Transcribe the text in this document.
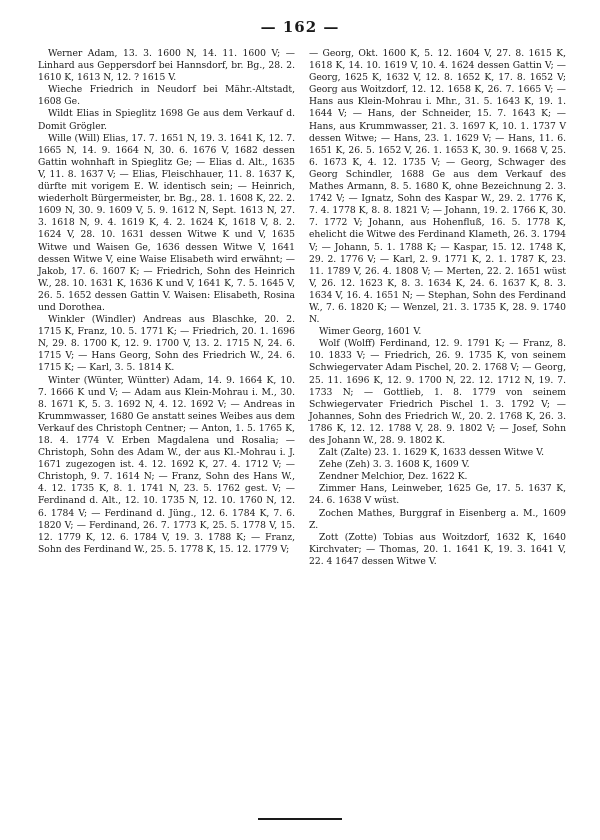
— 162 —

Werner Adam, 13. 3. 1600 N, 14. 11. 1600 V; — Linhard aus Geppersdorf bei Hannsdorf, br. Bg., 28. 2. 1610 K, 1613 N, 12. ? 1615 V.

Wieche Friedrich in Neudorf bei Mähr.-Altstadt, 1608 Ge.

Wildt Elias in Spieglitz 1698 Ge aus dem Verkauf d. Domit Grögler.

Wille (Will) Elias, 17. 7. 1651 N, 19. 3. 1641 K, 12. 7. 1665 N, 14. 9. 1664 N, 30. 6. 1676 V, 1682 dessen Gattin wohnhaft in Spieglitz Ge; — Elias d. Alt., 1635 V, 11. 8. 1637 V; — Elias, Fleischhauer, 11. 8. 1637 K, dürfte mit vorigem E. W. identisch sein; — Heinrich, wiederholt Bürgermeister, br. Bg., 28. 1. 1608 K, 22. 2. 1609 N, 30. 9. 1609 V, 5. 9. 1612 N, Sept. 1613 N, 27. 3. 1618 N, 9. 4. 1619 K, 4. 2. 1624 K, 1618 V, 8. 2. 1624 V, 28. 10. 1631 dessen Witwe K und V, 1635 Witwe und Waisen Ge, 1636 dessen Witwe V, 1641 dessen Witwe V, eine Waise Elisabeth wird erwähnt; — Jakob, 17. 6. 1607 K; — Friedrich, Sohn des Heinrich W., 28. 10. 1631 K, 1636 K und V, 1641 K, 7. 5. 1645 V, 26. 5. 1652 dessen Gattin V. Waisen: Elisabeth, Rosina und Dorothea.

Winkler (Windler) Andreas aus Blaschke, 20. 2. 1715 K, Franz, 10. 5. 1771 K; — Friedrich, 20. 1. 1696 N, 29. 8. 1700 K, 12. 9. 1700 V, 13. 2. 1715 N, 24. 6. 1715 V; — Hans Georg, Sohn des Friedrich W., 24. 6. 1715 K; — Karl, 3. 5. 1814 K.

Winter (Wünter, Wüntter) Adam, 14. 9. 1664 K, 10. 7. 1666 K und V; — Adam aus Klein-Mohrau i. M., 30. 8. 1671 K, 5. 3. 1692 N, 4. 12. 1692 V; — Andreas in Krummwasser, 1680 Ge anstatt seines Weibes aus dem Verkauf des Christoph Centner; — Anton, 1. 5. 1765 K, 18. 4. 1774 V. Erben Magdalena und Rosalia; — Christoph, Sohn des Adam W., der aus Kl.-Mohrau i. J. 1671 zugezogen ist. 4. 12. 1692 K, 27. 4. 1712 V; — Christoph, 9. 7. 1614 N; — Franz, Sohn des Hans W., 4. 12. 1735 K, 8. 1. 1741 N, 23. 5. 1762 gest. V; — Ferdinand d. Alt., 12. 10. 1735 N, 12. 10. 1760 N, 12. 6. 1784 V; — Ferdinand d. Jüng., 12. 6. 1784 K, 7. 6. 1820 V; — Ferdinand, 26. 7. 1773 K, 25. 5. 1778 V, 15. 12. 1779 K, 12. 6. 1784 V, 19. 3. 1788 K; — Franz, Sohn des Ferdinand W., 25. 5. 1778 K, 15. 12. 1779 V;

— Georg, Okt. 1600 K, 5. 12. 1604 V, 27. 8. 1615 K, 1618 K, 14. 10. 1619 V, 10. 4. 1624 dessen Gattin V; — Georg, 1625 K, 1632 V, 12. 8. 1652 K, 17. 8. 1652 V; Georg aus Woitzdorf, 12. 12. 1658 K, 26. 7. 1665 V; — Hans aus Klein-Mohrau i. Mhr., 31. 5. 1643 K, 19. 1. 1644 V; — Hans, der Schneider, 15. 7. 1643 K; — Hans, aus Krummwasser, 21. 3. 1697 K, 10. 1. 1737 V dessen Witwe; — Hans, 23. 1. 1629 V; — Hans, 11. 6. 1651 K, 26. 5. 1652 V, 26. 1. 1653 K, 30. 9. 1668 V, 25. 6. 1673 K, 4. 12. 1735 V; — Georg, Schwager des Georg Schindler, 1688 Ge aus dem Verkauf des Mathes Armann, 8. 5. 1680 K, ohne Bezeichnung 2. 3. 1742 V; — Ignatz, Sohn des Kaspar W., 29. 2. 1776 K, 7. 4. 1778 K, 8. 8. 1821 V; — Johann, 19. 2. 1766 K, 30. 7. 1772 V; Johann, aus Hohenfluß, 16. 5. 1778 K, ehelicht die Witwe des Ferdinand Klameth, 26. 3. 1794 V; — Johann, 5. 1. 1788 K; — Kaspar, 15. 12. 1748 K, 29. 2. 1776 V; — Karl, 2. 9. 1771 K, 2. 1. 1787 K, 23. 11. 1789 V, 26. 4. 1808 V; — Merten, 22. 2. 1651 wüst V, 26. 12. 1623 K, 8. 3. 1634 K, 24. 6. 1637 K, 8. 3. 1634 V, 16. 4. 1651 N; — Stephan, Sohn des Ferdinand W., 7. 6. 1820 K; — Wenzel, 21. 3. 1735 K, 28. 9. 1740 N.

Wimer Georg, 1601 V.

Wolf (Wolff) Ferdinand, 12. 9. 1791 K; — Franz, 8. 10. 1833 V; — Friedrich, 26. 9. 1735 K, von seinem Schwiegervater Adam Pischel, 20. 2. 1768 V; — Georg, 25. 11. 1696 K, 12. 9. 1700 N, 22. 12. 1712 N, 19. 7. 1733 N; — Gottlieb, 1. 8. 1779 von seinem Schwiegervater Friedrich Pischel 1. 3. 1792 V; — Johannes, Sohn des Friedrich W., 20. 2. 1768 K, 26. 3. 1786 K, 12. 12. 1788 V, 28. 9. 1802 V; — Josef, Sohn des Johann W., 28. 9. 1802 K.

Zalt (Zalte) 23. 1. 1629 K, 1633 dessen Witwe V.

Zehe (Zeh) 3. 3. 1608 K, 1609 V.

Zendner Melchior, Dez. 1622 K.

Zimmer Hans, Leinweber, 1625 Ge, 17. 5. 1637 K, 24. 6. 1638 V wüst.

Zochen Mathes, Burggraf in Eisenberg a. M., 1609 Z.

Zott (Zotte) Tobias aus Woitzdorf, 1632 K, 1640 Kirchvater; — Thomas, 20. 1. 1641 K, 19. 3. 1641 V, 22. 4 1647 dessen Witwe V.
